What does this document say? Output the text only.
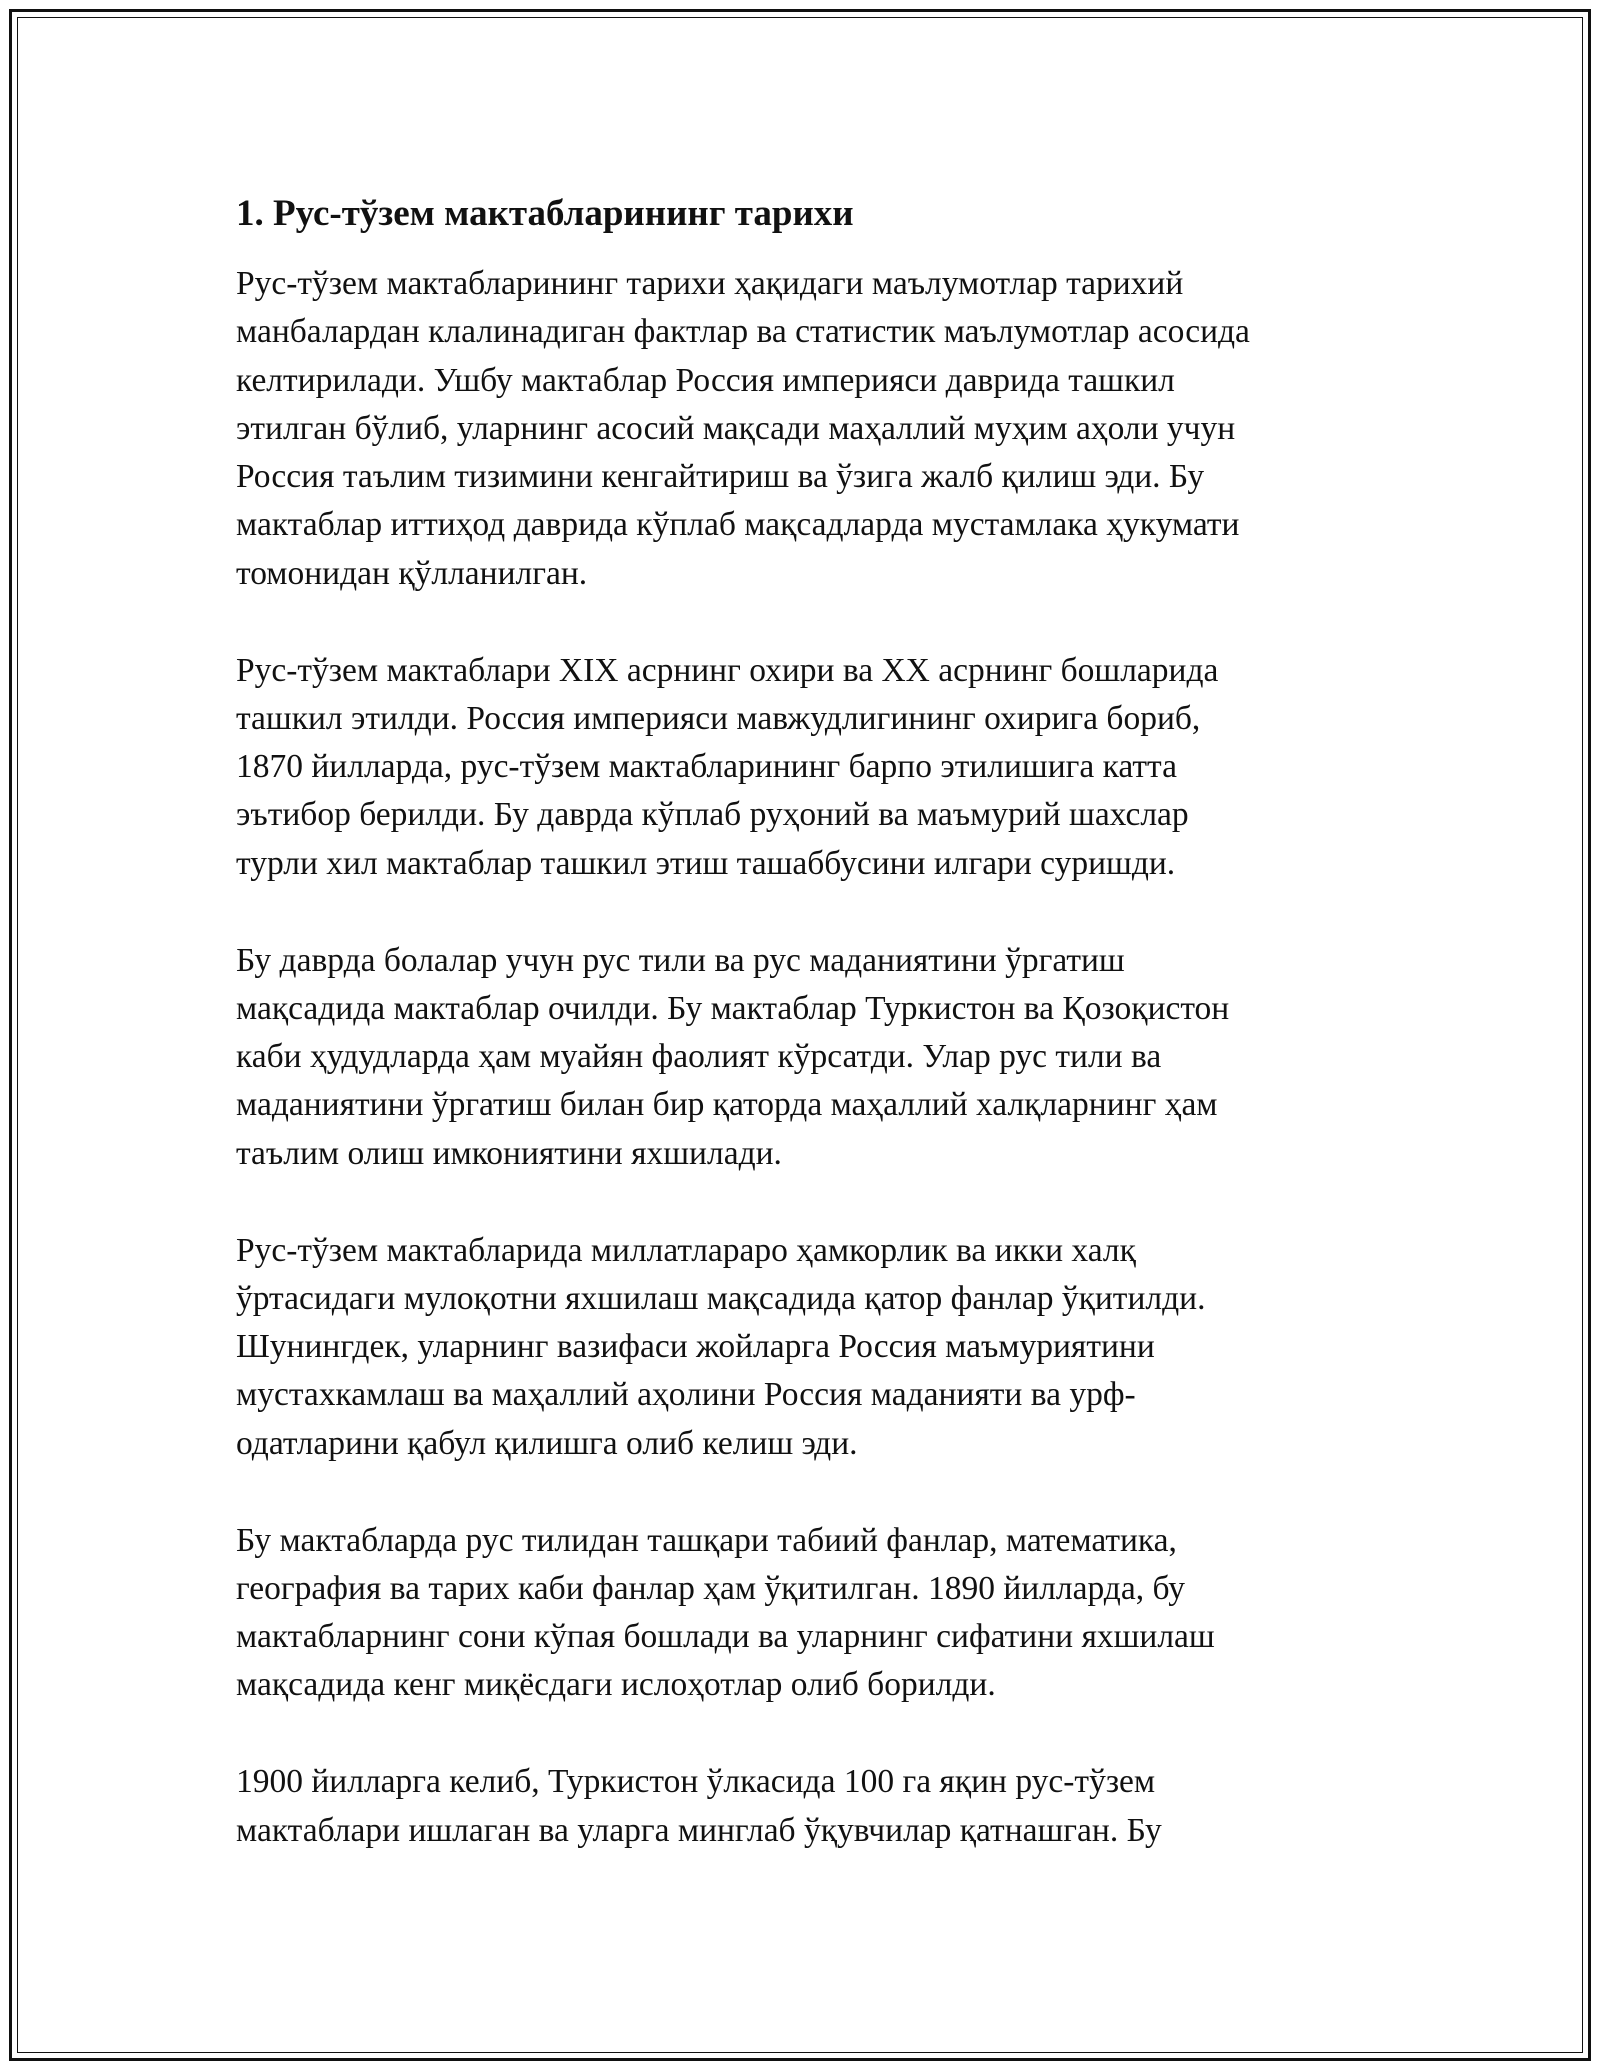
1. Рус-тўзем мактабларининг тарихи

Рус-тўзем мактабларининг тарихи ҳақидаги маълумотлар тарихий
манбалардан клалинадиган фактлар ва статистик маълумотлар асосида
келтирилади. Ушбу мактаблар Россия империяси даврида ташкил
этилган бўлиб, уларнинг асосий мақсади маҳаллий муҳим аҳоли учун
Россия таълим тизимини кенгайтириш ва ўзига жалб қилиш эди. Бу
мактаблар иттиҳод даврида кўплаб мақсадларда мустамлака ҳукумати
томонидан қўлланилган.

Рус-тўзем мактаблари XIX асрнинг охири ва XX асрнинг бошларида
ташкил этилди. Россия империяси мавжудлигининг охирига бориб,
1870 йилларда, рус-тўзем мактабларининг барпо этилишига катта
эътибор берилди. Бу даврда кўплаб руҳоний ва маъмурий шахслар
турли хил мактаблар ташкил этиш ташаббусини илгари суришди.

Бу даврда болалар учун рус тили ва рус маданиятини ўргатиш
мақсадида мактаблар очилди. Бу мактаблар Туркистон ва Қозоқистон
каби ҳудудларда ҳам муайян фаолият кўрсатди. Улар рус тили ва
маданиятини ўргатиш билан бир қаторда маҳаллий халқларнинг ҳам
таълим олиш имкониятини яхшилади.

Рус-тўзем мактабларида миллатлараро ҳамкорлик ва икки халқ
ўртасидаги мулоқотни яхшилаш мақсадида қатор фанлар ўқитилди.
Шунингдек, уларнинг вазифаси жойларга Россия маъмуриятини
мустахкамлаш ва маҳаллий аҳолини Россия маданияти ва урф-
одатларини қабул қилишга олиб келиш эди.

Бу мактабларда рус тилидан ташқари табиий фанлар, математика,
география ва тарих каби фанлар ҳам ўқитилган. 1890 йилларда, бу
мактабларнинг сони кўпая бошлади ва уларнинг сифатини яхшилаш
мақсадида кенг миқёсдаги ислоҳотлар олиб борилди.

1900 йилларга келиб, Туркистон ўлкасида 100 га яқин рус-тўзем
мактаблари ишлаган ва уларга минглаб ўқувчилар қатнашган. Бу
